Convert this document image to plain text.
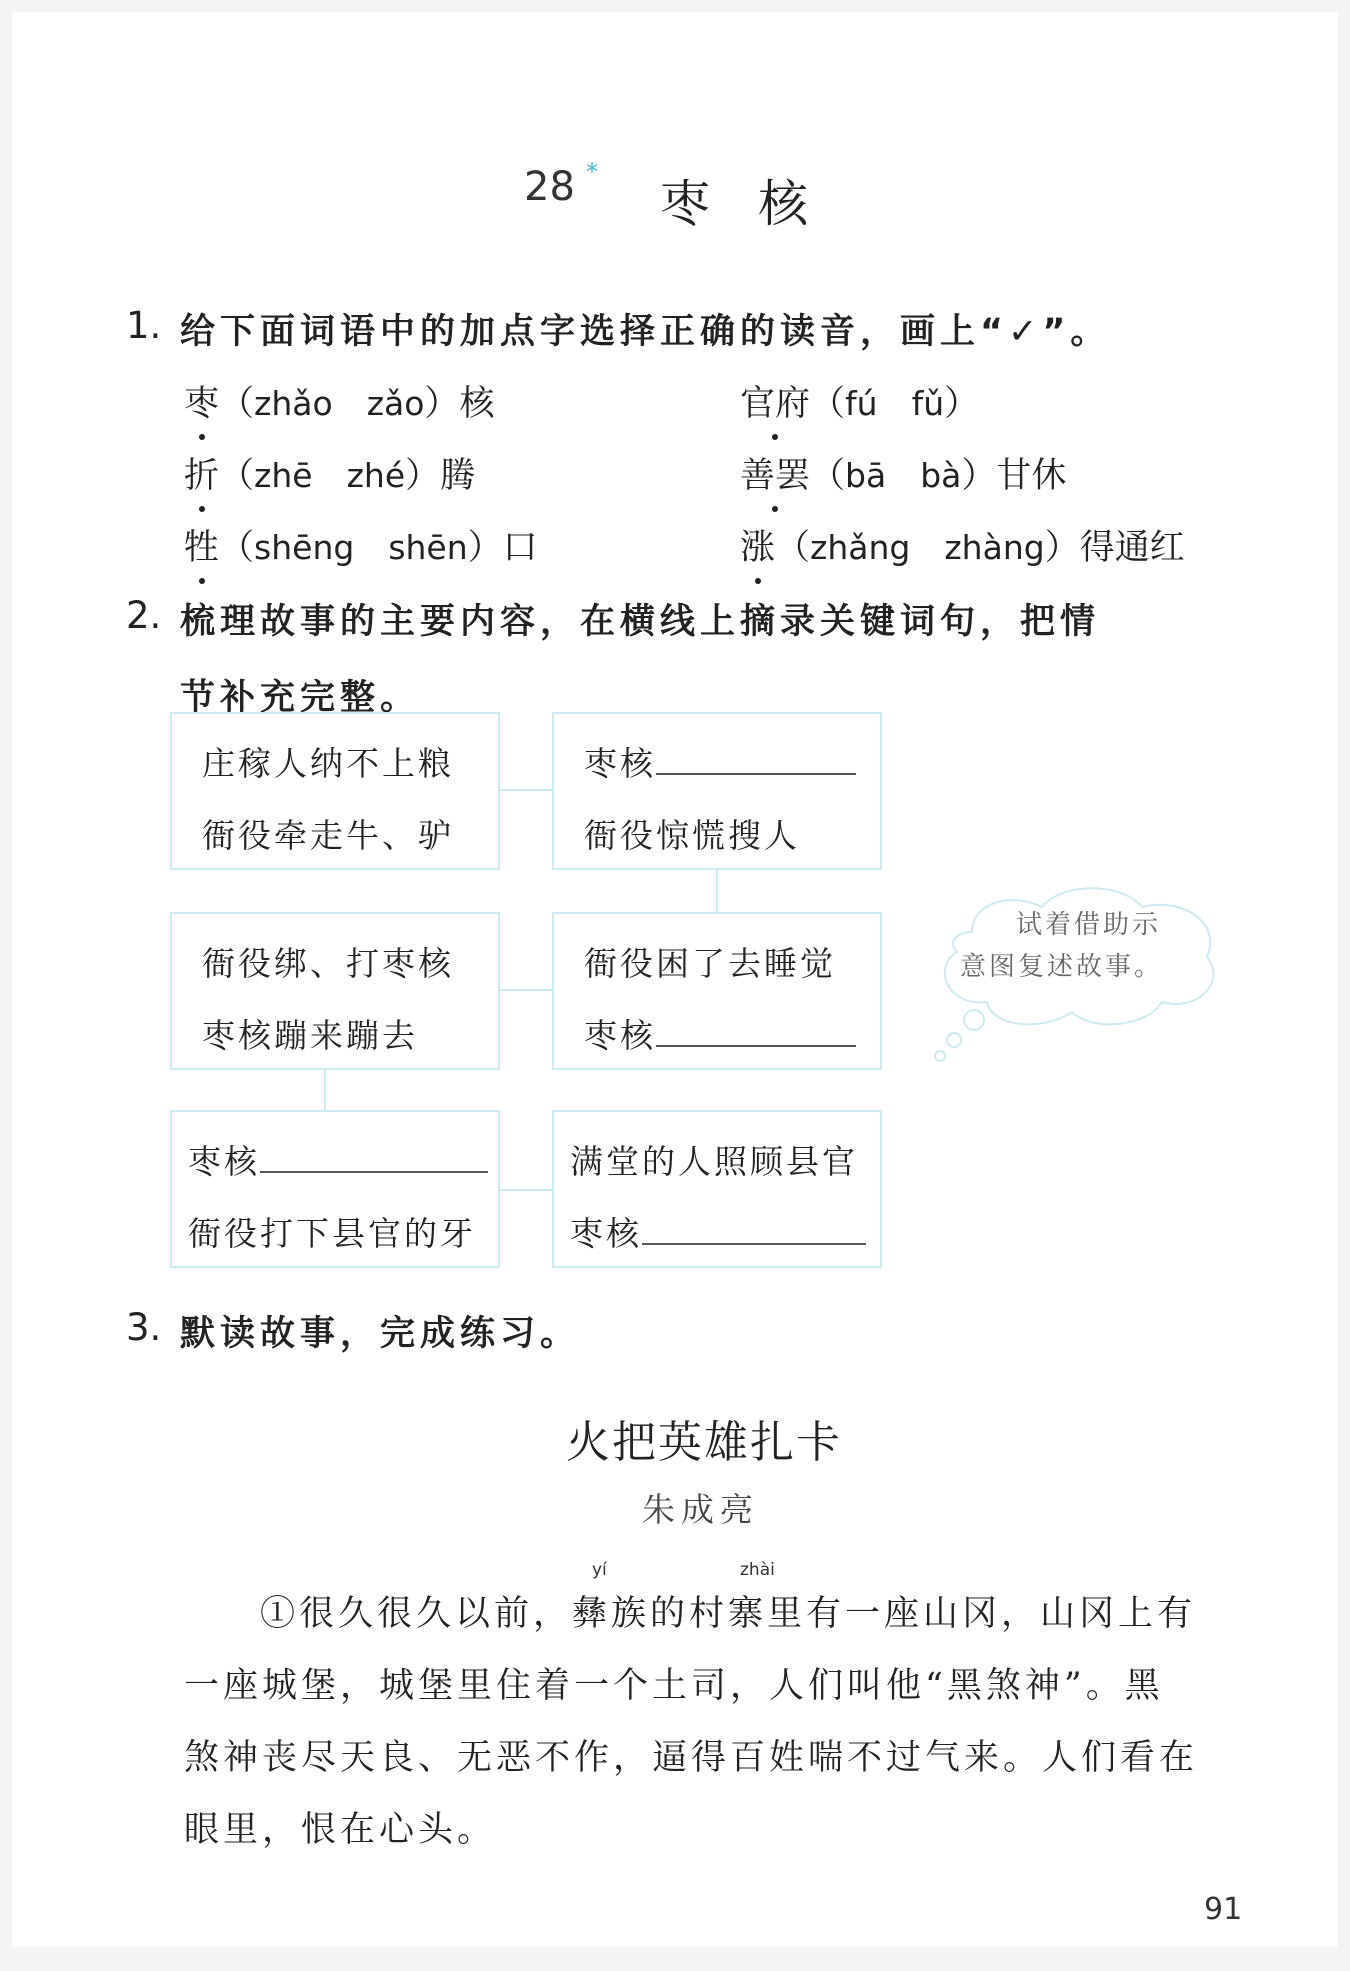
28 *
枣核
1. 给下面词语中的加点字选择正确的读音，画上“✓”。
枣（zhǎo zǎo）核	官府（fú fǔ）
折（zhē zhé）腾	善罢（bā bà）甘休
牲（shēng shēn）口	涨（zhǎng zhàng）得通红
2. 梳理故事的主要内容，在横线上摘录关键词句，把情
节补充完整。
庄稼人纳不上粮
衙役牵走牛、驴
枣核
衙役惊慌搜人
衙役困了去睡觉
枣核
衙役绑、打枣核
枣核蹦来蹦去
枣核
衙役打下县官的牙
满堂的人照顾县官
枣核
试着借助示
意图复述故事。
3. 默读故事，完成练习。
火把英雄扎卡
朱成亮
yí	zhài
①很久很久以前，彝族的村寨里有一座山冈，山冈上有
一座城堡，城堡里住着一个土司，人们叫他“黑煞神”。黑
煞神丧尽天良、无恶不作，逼得百姓喘不过气来。人们看在
眼里，恨在心头。
91
